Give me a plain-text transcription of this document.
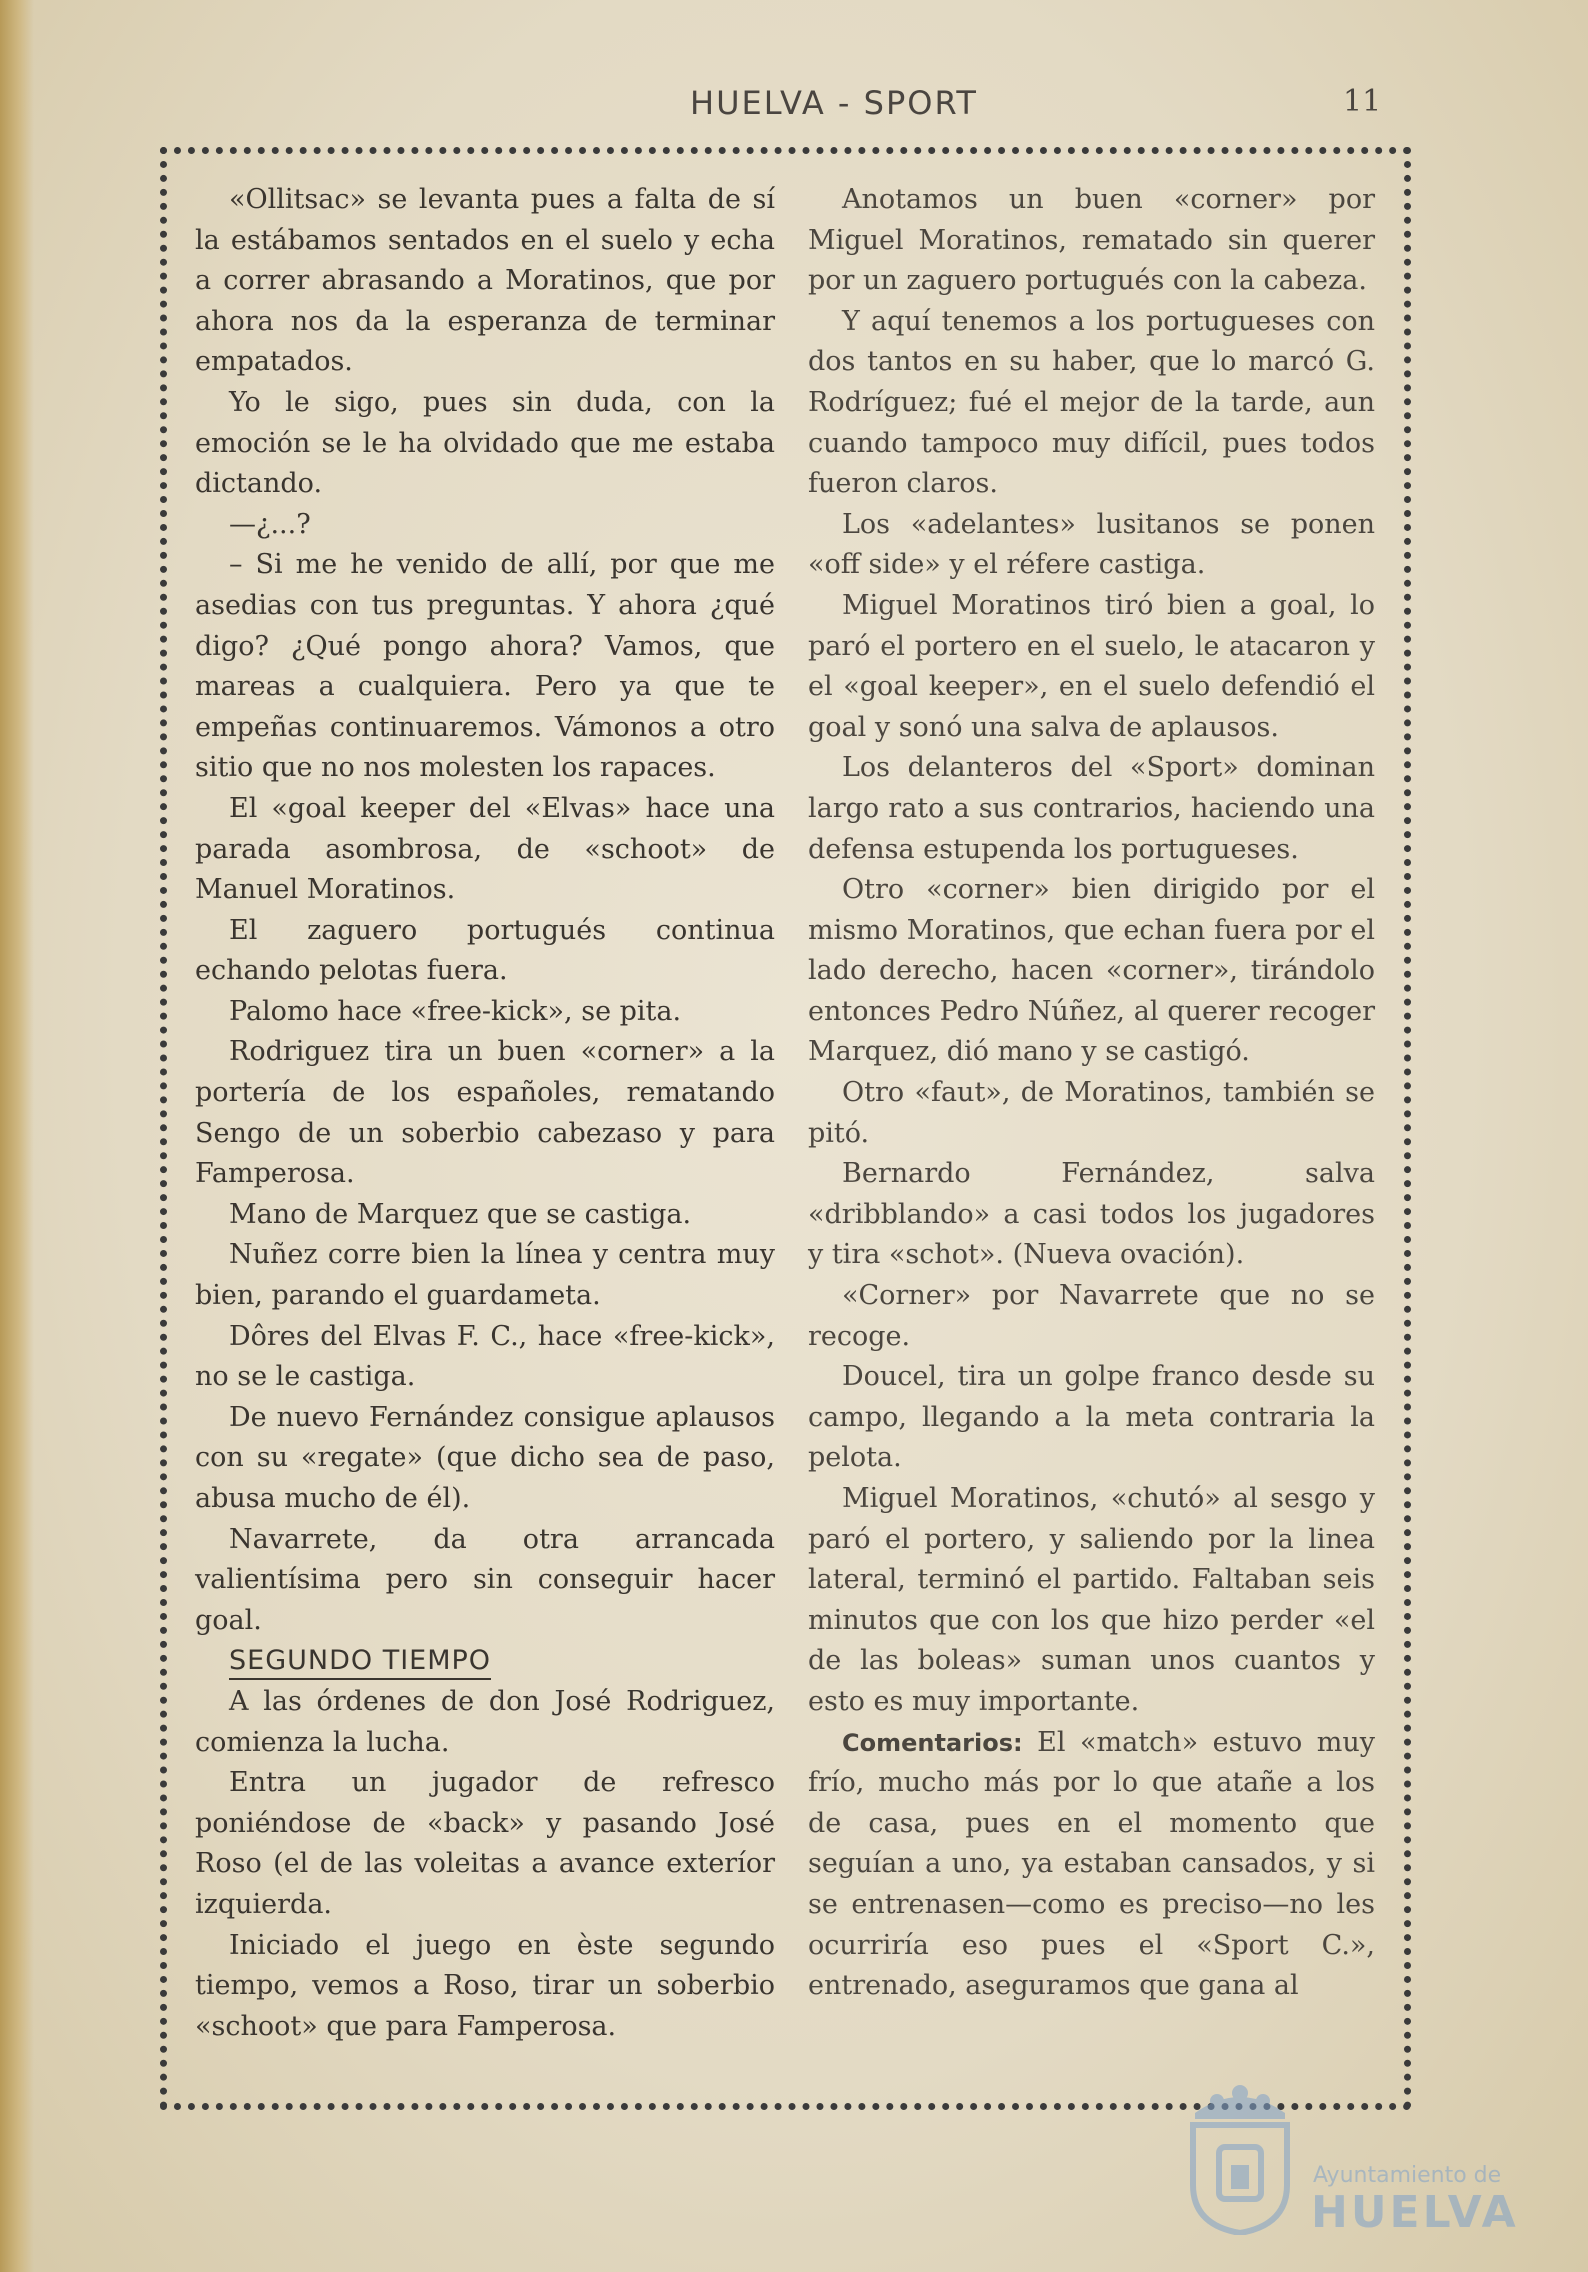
HUELVA - SPORT	11

«Ollitsac» se levanta pues a falta de sí la estábamos sentados en el suelo y echa a correr abrasando a Moratinos, que por ahora nos da la esperanza de terminar empatados.

Yo le sigo, pues sin duda, con la emoción se le ha olvidado que me estaba dictando.

—¿...?

– Si me he venido de allí, por que me asedias con tus preguntas. Y ahora ¿qué digo? ¿Qué pongo ahora? Vamos, que mareas a cualquiera. Pero ya que te empeñas continuaremos. Vámonos a otro sitio que no nos molesten los rapaces.

El «goal keeper del «Elvas» hace una parada asombrosa, de «schoot» de Manuel Moratinos.

El zaguero portugués continua echando pelotas fuera.

Palomo hace «free-kick», se pita.

Rodriguez tira un buen «corner» a la portería de los españoles, rematando Sengo de un soberbio cabezaso y para Famperosa.

Mano de Marquez que se castiga.

Nuñez corre bien la línea y centra muy bien, parando el guardameta.

Dôres del Elvas F. C., hace «free-kick», no se le castiga.

De nuevo Fernández consigue aplausos con su «regate» (que dicho sea de paso, abusa mucho de él).

Navarrete, da otra arrancada valientísima pero sin conseguir hacer goal.

SEGUNDO TIEMPO

A las órdenes de don José Rodriguez, comienza la lucha.

Entra un jugador de refresco poniéndose de «back» y pasando José Roso (el de las voleitas a avance exteríor izquierda.

Iniciado el juego en èste segundo tiempo, vemos a Roso, tirar un soberbio «schoot» que para Famperosa.

Anotamos un buen «corner» por Miguel Moratinos, rematado sin querer por un zaguero portugués con la cabeza.

Y aquí tenemos a los portugueses con dos tantos en su haber, que lo marcó G. Rodríguez; fué el mejor de la tarde, aun cuando tampoco muy difícil, pues todos fueron claros.

Los «adelantes» lusitanos se ponen «off side» y el réfere castiga.

Miguel Moratinos tiró bien a goal, lo paró el portero en el suelo, le atacaron y el «goal keeper», en el suelo defendió el goal y sonó una salva de aplausos.

Los delanteros del «Sport» dominan largo rato a sus contrarios, haciendo una defensa estupenda los portugueses.

Otro «corner» bien dirigido por el mismo Moratinos, que echan fuera por el lado derecho, hacen «corner», tirándolo entonces Pedro Núñez, al querer recoger Marquez, dió mano y se castigó.

Otro «faut», de Moratinos, también se pitó.

Bernardo Fernández, salva «dribblando» a casi todos los jugadores y tira «schot». (Nueva ovación).

«Corner» por Navarrete que no se recoge.

Doucel, tira un golpe franco desde su campo, llegando a la meta contraria la pelota.

Miguel Moratinos, «chutó» al sesgo y paró el portero, y saliendo por la linea lateral, terminó el partido. Faltaban seis minutos que con los que hizo perder «el de las boleas» suman unos cuantos y esto es muy importante.

Comentarios: El «match» estuvo muy frío, mucho más por lo que atañe a los de casa, pues en el momento que seguían a uno, ya estaban cansados, y si se entrenasen—como es preciso—no les ocurriría eso pues el «Sport C.», entrenado, aseguramos que gana al

Ayuntamiento de
HUELVA
